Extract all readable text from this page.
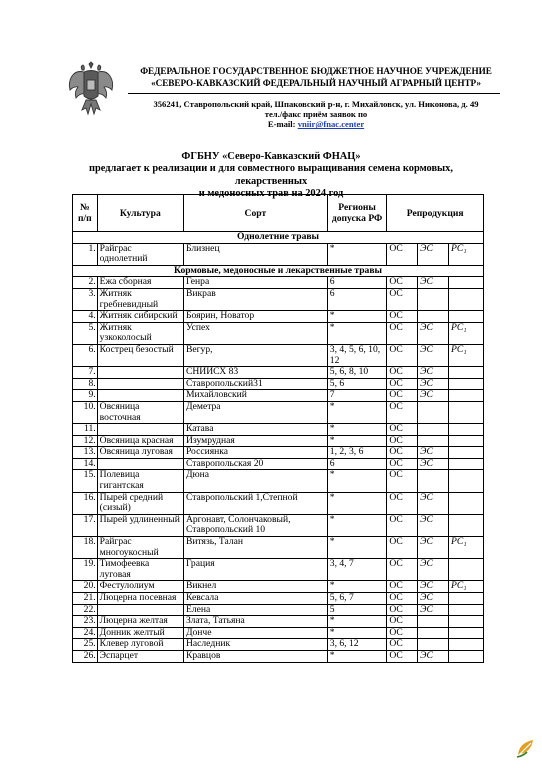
ФЕДЕРАЛЬНОЕ ГОСУДАРСТВЕННОЕ БЮДЖЕТНОЕ НАУЧНОЕ УЧРЕЖДЕНИЕ
«СЕВЕРО-КАВКАЗСКИЙ ФЕДЕРАЛЬНЫЙ НАУЧНЫЙ АГРАРНЫЙ ЦЕНТР»
356241, Ставропольский край, Шпаковский р-н, г. Михайловск, ул. Никонова, д. 49
тел./факс приём заявок по
E-mail: vnііr@fnac.center
ФГБНУ «Северо-Кавказский ФНАЦ»
предлагает к реализации и для совместного выращивания семена кормовых, лекарственных
и медоносных трав на 2024 год
№ п/п	Культура	Сорт	Регионы допуска РФ	Репродукция		
Однолетние травы						
1.	Райграс однолетний	Близнец	*	ОС	ЭС	РС₁
Кормовые, медоносные и лекарственные травы						
2.	Ежа сборная	Генра	6	ОС	ЭС	
3.	Житняк гребневидный	Викрав	6	ОС		
4.	Житняк сибирский	Боярин, Новатор	*	ОС		
5.	Житняк узкоколосый	Успех	*	ОС	ЭС	РС₁
6.	Кострец безостый	Вегур,	3, 4, 5, 6, 10, 12	ОС	ЭС	РС₁
7.		СНИИСХ 83	5, 6, 8, 10	ОС	ЭС	
8.		Ставропольский31	5, 6	ОС	ЭС	
9.		Михайловский	7	ОС	ЭС	
10.	Овсяница восточная	Деметра	*	ОС		
11.		Катава	*	ОС		
12.	Овсяница красная	Изумрудная	*	ОС		
13.	Овсяница луговая	Россиянка	1, 2, 3, 6	ОС	ЭС	
14.		Ставропольская 20	6	ОС	ЭС	
15.	Полевица гигантская	Дюна	*	ОС		
16.	Пырей средний (сизый)	Ставропольский 1,Степной	*	ОС	ЭС	
17.	Пырей удлиненный	Аргонавт, Солончаковый, Ставропольский 10	*	ОС	ЭС	
18.	Райграс многоукосный	Витязь, Талан	*	ОС	ЭС	РС₁
19.	Тимофеевка луговая	Грация	3, 4, 7	ОС	ЭС	
20.	Фестулолиум	Викнел	*	ОС	ЭС	РС₁
21.	Люцерна посевная	Кевсала	5, 6, 7	ОС	ЭС	
22.		Елена	5	ОС	ЭС	
23.	Люцерна желтая	Злата, Татьяна	*	ОС		
24.	Донник желтый	Донче	*	ОС		
25.	Клевер луговой	Наследник	3, 6, 12	ОС		
26.	Эспарцет	Кравцов	*	ОС	ЭС	
